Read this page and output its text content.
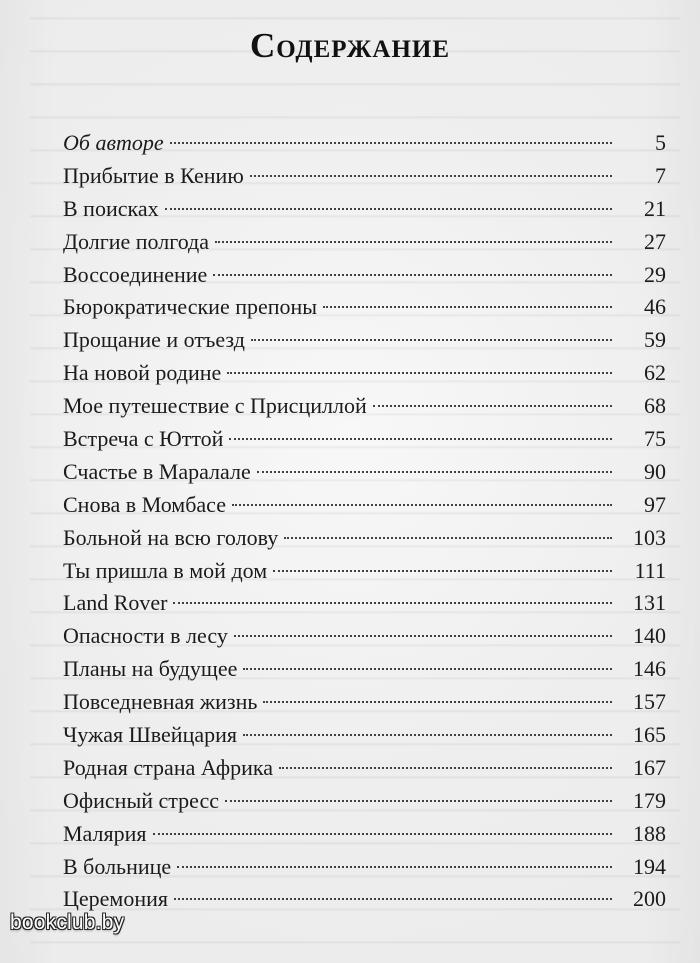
Содержание
Об авторе	5
Прибытие в Кению	7
В поисках	21
Долгие полгода	27
Воссоединение	29
Бюрократические препоны	46
Прощание и отъезд	59
На новой родине	62
Мое путешествие с Присциллой	68
Встреча с Юттой	75
Счастье в Маралале	90
Снова в Момбасе	97
Больной на всю голову	103
Ты пришла в мой дом	111
Land Rover	131
Опасности в лесу	140
Планы на будущее	146
Повседневная жизнь	157
Чужая Швейцария	165
Родная страна Африка	167
Офисный стресс	179
Малярия	188
В больнице	194
Церемония	200
bookclub.by
